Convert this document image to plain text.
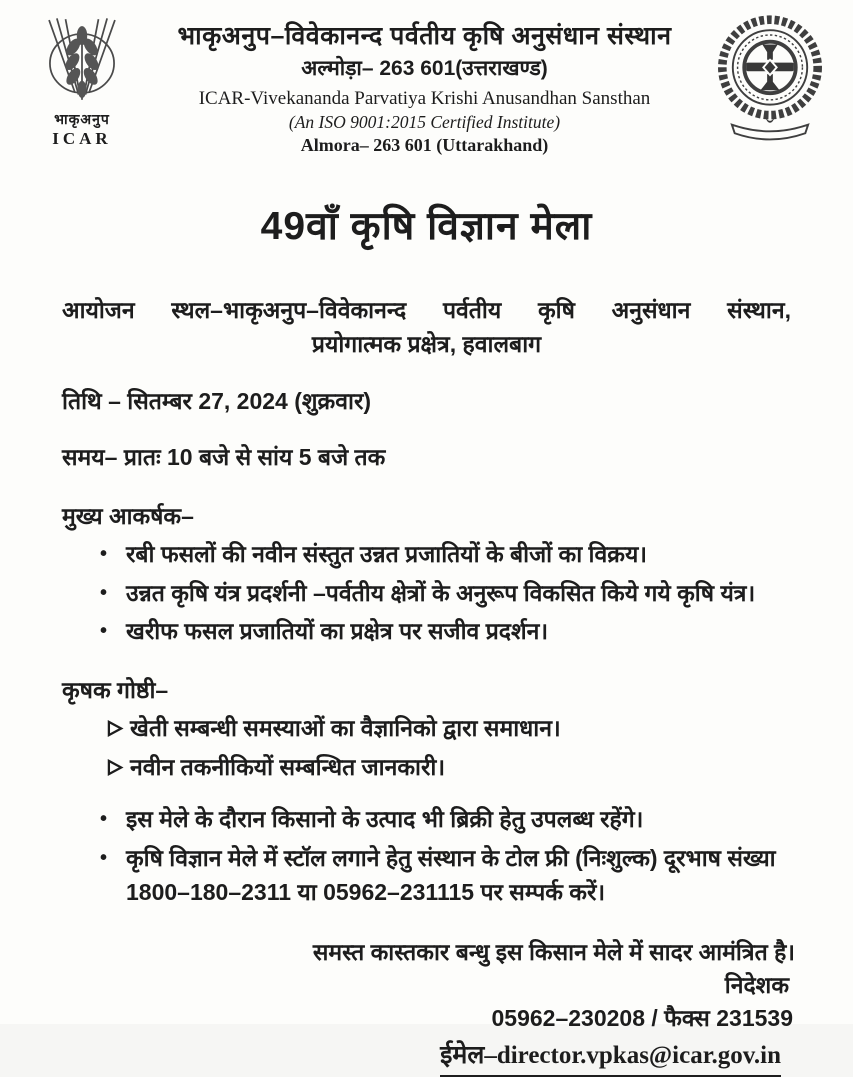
भाकृअनुप
ICAR
भाकृअनुप–विवेकानन्द पर्वतीय कृषि अनुसंधान संस्थान
अल्मोड़ा– 263 601(उत्तराखण्ड)
ICAR-Vivekananda Parvatiya Krishi Anusandhan Sansthan
(An ISO 9001:2015 Certified Institute)
Almora– 263 601 (Uttarakhand)
49वाँ कृषि विज्ञान मेला
आयोजन स्थल–भाकृअनुप–विवेकानन्द पर्वतीय कृषि अनुसंधान संस्थान,
प्रयोगात्मक प्रक्षेत्र, हवालबाग
तिथि – सितम्बर 27, 2024 (शुक्रवार)
समय– प्रातः 10 बजे से सांय 5 बजे तक
मुख्य आकर्षक–
• रबी फसलों की नवीन संस्तुत उन्नत प्रजातियों के बीजों का विक्रय।
• उन्नत कृषि यंत्र प्रदर्शनी –पर्वतीय क्षेत्रों के अनुरूप विकसित किये गये कृषि यंत्र।
• खरीफ फसल प्रजातियों का प्रक्षेत्र पर सजीव प्रदर्शन।
कृषक गोष्ठी–
खेती सम्बन्धी समस्याओं का वैज्ञानिको द्वारा समाधान।
नवीन तकनीकियों सम्बन्धित जानकारी।
• इस मेले के दौरान किसानो के उत्पाद भी ब्रिक्री हेतु उपलब्ध रहेंगे।
• कृषि विज्ञान मेले में स्टॉल लगाने हेतु संस्थान के टोल फ्री (निःशुल्क) दूरभाष संख्या 1800–180–2311 या 05962–231115 पर सम्पर्क करें।
समस्त कास्तकार बन्धु इस किसान मेले में सादर आमंत्रित है।
निदेशक
05962–230208 / फैक्स 231539
ईमेल–director.vpkas@icar.gov.in
